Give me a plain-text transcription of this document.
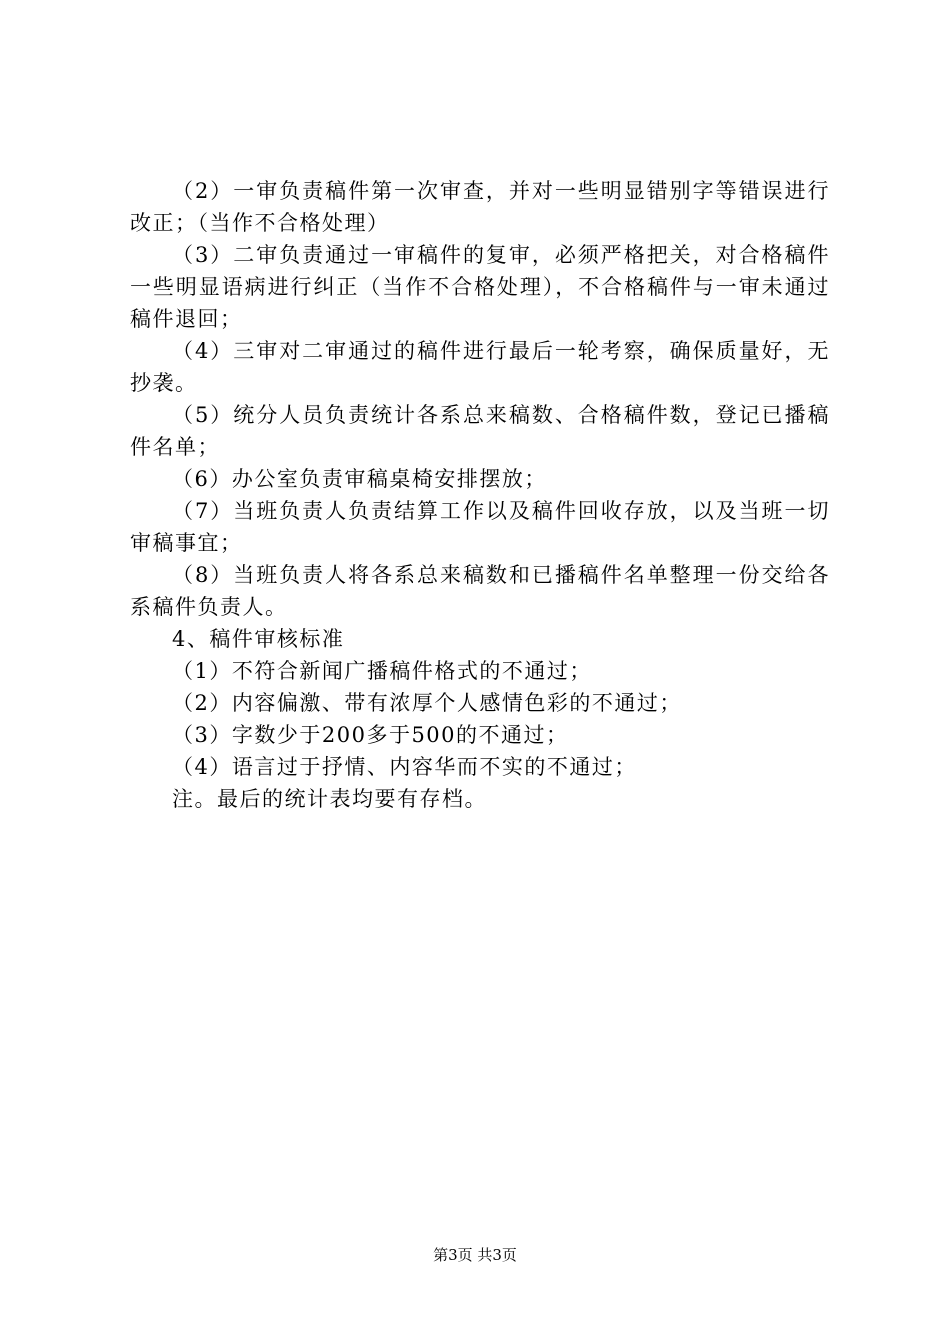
（2）一审负责稿件第一次审查，并对一些明显错别字等错误进行改正；（当作不合格处理）

（3）二审负责通过一审稿件的复审，必须严格把关，对合格稿件一些明显语病进行纠正（当作不合格处理），不合格稿件与一审未通过稿件退回；

（4）三审对二审通过的稿件进行最后一轮考察，确保质量好，无抄袭。

（5）统分人员负责统计各系总来稿数、合格稿件数，登记已播稿件名单；

（6）办公室负责审稿桌椅安排摆放；

（7）当班负责人负责结算工作以及稿件回收存放，以及当班一切审稿事宜；

（8）当班负责人将各系总来稿数和已播稿件名单整理一份交给各系稿件负责人。

4、稿件审核标准

（1）不符合新闻广播稿件格式的不通过；

（2）内容偏激、带有浓厚个人感情色彩的不通过；

（3）字数少于200多于500的不通过；

（4）语言过于抒情、内容华而不实的不通过；

注。最后的统计表均要有存档。

第3页 共3页
